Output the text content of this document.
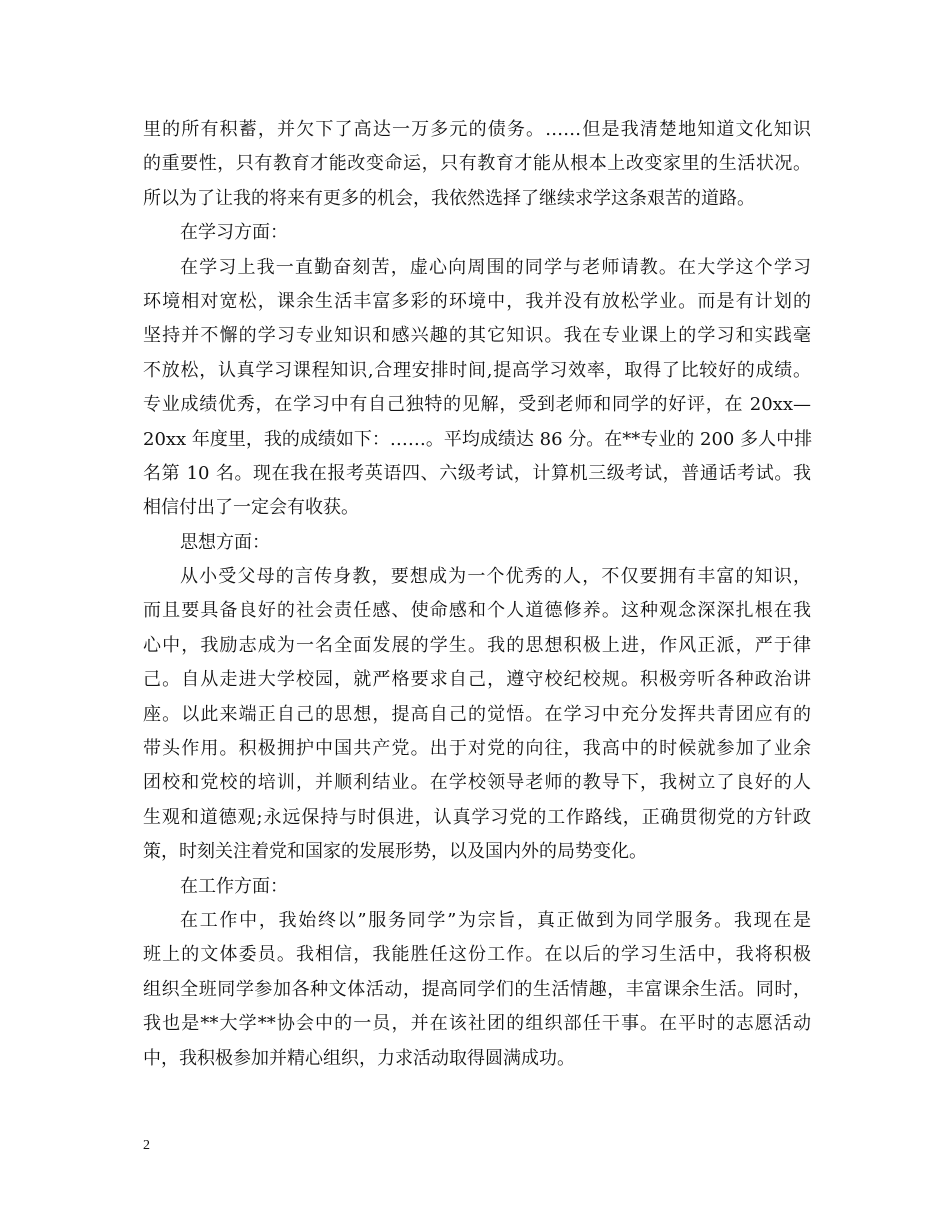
里的所有积蓄，并欠下了高达一万多元的债务。……但是我清楚地知道文化知识
的重要性，只有教育才能改变命运，只有教育才能从根本上改变家里的生活状况。
所以为了让我的将来有更多的机会，我依然选择了继续求学这条艰苦的道路。
在学习方面：
在学习上我一直勤奋刻苦，虚心向周围的同学与老师请教。在大学这个学习
环境相对宽松，课余生活丰富多彩的环境中，我并没有放松学业。而是有计划的
坚持并不懈的学习专业知识和感兴趣的其它知识。我在专业课上的学习和实践毫
不放松，认真学习课程知识,合理安排时间,提高学习效率，取得了比较好的成绩。
专业成绩优秀，在学习中有自己独特的见解，受到老师和同学的好评，在 20xx—
20xx 年度里，我的成绩如下：……。平均成绩达 86 分。在**专业的 200 多人中排
名第 10 名。现在我在报考英语四、六级考试，计算机三级考试，普通话考试。我
相信付出了一定会有收获。
思想方面：
从小受父母的言传身教，要想成为一个优秀的人，不仅要拥有丰富的知识，
而且要具备良好的社会责任感、使命感和个人道德修养。这种观念深深扎根在我
心中，我励志成为一名全面发展的学生。我的思想积极上进，作风正派，严于律
己。自从走进大学校园，就严格要求自己，遵守校纪校规。积极旁听各种政治讲
座。以此来端正自己的思想，提高自己的觉悟。在学习中充分发挥共青团应有的
带头作用。积极拥护中国共产党。出于对党的向往，我高中的时候就参加了业余
团校和党校的培训，并顺利结业。在学校领导老师的教导下，我树立了良好的人
生观和道德观;永远保持与时俱进，认真学习党的工作路线，正确贯彻党的方针政
策，时刻关注着党和国家的发展形势，以及国内外的局势变化。
在工作方面：
在工作中，我始终以”服务同学”为宗旨，真正做到为同学服务。我现在是
班上的文体委员。我相信，我能胜任这份工作。在以后的学习生活中，我将积极
组织全班同学参加各种文体活动，提高同学们的生活情趣，丰富课余生活。同时，
我也是**大学**协会中的一员，并在该社团的组织部任干事。在平时的志愿活动
中，我积极参加并精心组织，力求活动取得圆满成功。
2
